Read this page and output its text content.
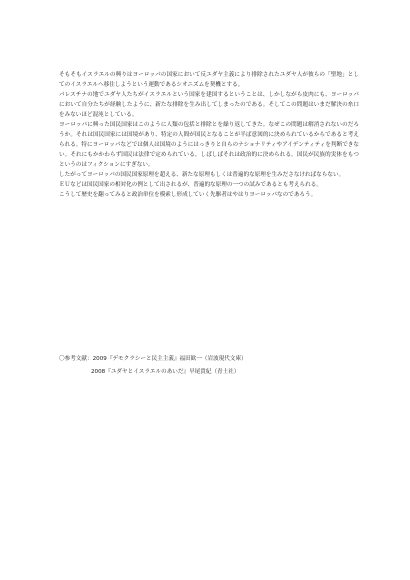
そもそもイスラエルの興りはヨーロッパの国家において反ユダヤ主義により排除されたユダヤ人が彼らの「聖地」としてのイスラエルへ移住しようという運動であるシオニズムを契機とする。

パレスチナの地でユダヤ人たちがイスラエルという国家を建国するということは、しかしながら皮肉にも、ヨーロッパにおいて自分たちが経験したように、新たな排除を生み出してしまったのである。そしてこの問題はいまだ解決の糸口をみないほど混沌としている。

ヨーロッパに興った国民国家はこのように人類の包括と排除とを繰り返してきた。なぜこの問題は解消されないのだろうか。それは国民国家には国境があり、特定の人間が国民となることが半ば意図的に決められているからであると考えられる。特にヨーロッパなどでは個人は国境のようにはっきりと自らのナショナリティやアイデンティティを判断できない。それにもかかわらず国民は法律で定められている。しばしばそれは政治的に決められる。国民が民族的実体をもつというのはフィクションにすぎない。

したがってヨーロッパの国民国家原理を超える、新たな原理もしくは普遍的な原理を生みださなければならない。

ＥＵなどは国民国家の相対化の例として出されるが、普遍的な原理の一つの試みであるとも考えられる。

こうして歴史を翻ってみると政治単位を模索し形成していく先駆者はやはりヨーロッパなのであろう。

〇参考文献：2009『デモクラシーと民主主義』福田歓一（岩波現代文庫）
2008『ユダヤとイスラエルのあいだ』早尾貴紀（青土社）
